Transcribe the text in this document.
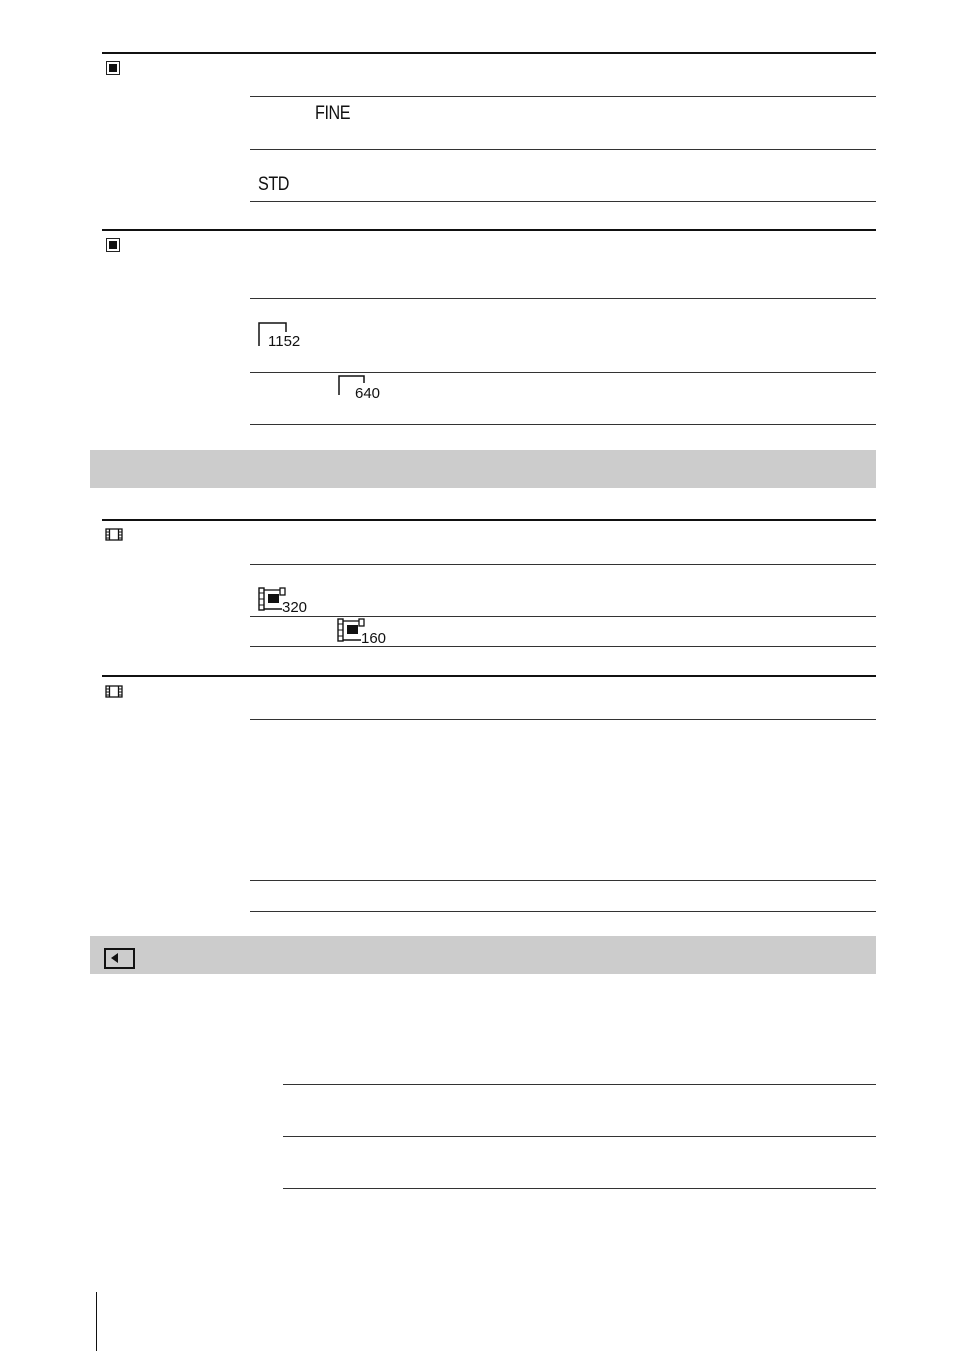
FINE
STD
1152
640
320
160
